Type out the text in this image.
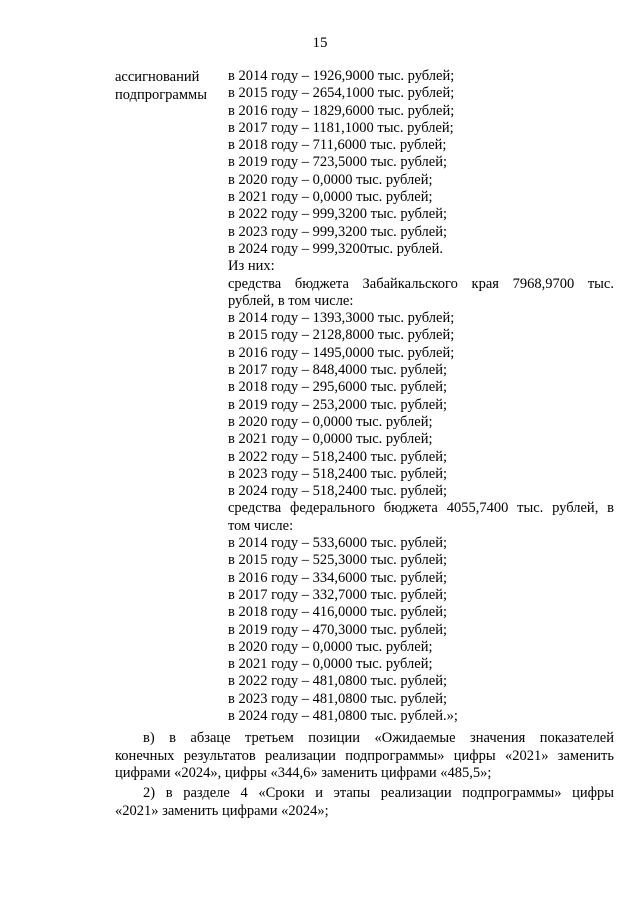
15
ассигнований
подпрограммы
в 2014 году – 1926,9000 тыс. рублей;
в 2015 году – 2654,1000 тыс. рублей;
в 2016 году – 1829,6000 тыс. рублей;
в 2017 году – 1181,1000 тыс. рублей;
в 2018 году – 711,6000 тыс. рублей;
в 2019 году – 723,5000 тыс. рублей;
в 2020 году – 0,0000 тыс. рублей;
в 2021 году – 0,0000 тыс. рублей;
в 2022 году – 999,3200 тыс. рублей;
в 2023 году – 999,3200 тыс. рублей;
в 2024 году – 999,3200тыс. рублей.
Из них:
средства бюджета Забайкальского края 7968,9700 тыс.
рублей, в том числе:
в 2014 году – 1393,3000 тыс. рублей;
в 2015 году – 2128,8000 тыс. рублей;
в 2016 году – 1495,0000 тыс. рублей;
в 2017 году – 848,4000 тыс. рублей;
в 2018 году – 295,6000 тыс. рублей;
в 2019 году – 253,2000 тыс. рублей;
в 2020 году – 0,0000 тыс. рублей;
в 2021 году – 0,0000 тыс. рублей;
в 2022 году – 518,2400 тыс. рублей;
в 2023 году – 518,2400 тыс. рублей;
в 2024 году – 518,2400 тыс. рублей;
средства федерального бюджета 4055,7400 тыс. рублей, в
том числе:
в 2014 году – 533,6000 тыс. рублей;
в 2015 году – 525,3000 тыс. рублей;
в 2016 году – 334,6000 тыс. рублей;
в 2017 году – 332,7000 тыс. рублей;
в 2018 году – 416,0000 тыс. рублей;
в 2019 году – 470,3000 тыс. рублей;
в 2020 году – 0,0000 тыс. рублей;
в 2021 году – 0,0000 тыс. рублей;
в 2022 году – 481,0800 тыс. рублей;
в 2023 году – 481,0800 тыс. рублей;
в 2024 году – 481,0800 тыс. рублей.»;
в) в абзаце третьем позиции «Ожидаемые значения показателей
конечных результатов реализации подпрограммы» цифры «2021» заменить
цифрами «2024», цифры «344,6» заменить цифрами «485,5»;
2) в разделе 4 «Сроки и этапы реализации подпрограммы» цифры
«2021» заменить цифрами «2024»;
